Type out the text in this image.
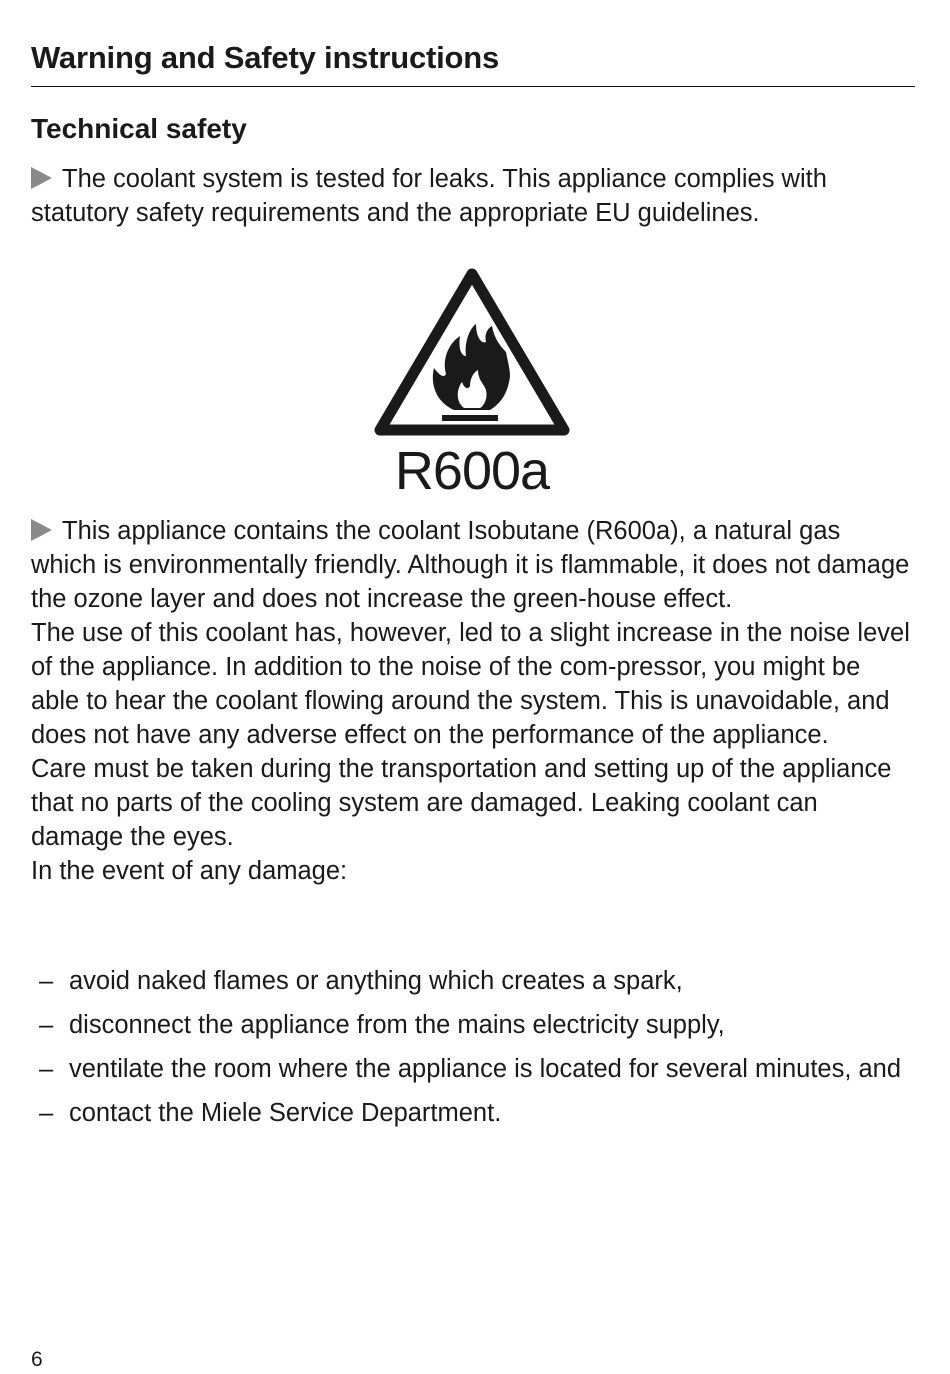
Warning and Safety instructions
Technical safety

The coolant system is tested for leaks. This appliance complies with statutory safety requirements and the appropriate EU guidelines.

R600a
This appliance contains the coolant Isobutane (R600a), a natural gas which is environmentally friendly. Although it is flammable, it does not damage the ozone layer and does not increase the green-house effect.
The use of this coolant has, however, led to a slight increase in the noise level of the appliance. In addition to the noise of the com-pressor, you might be able to hear the coolant flowing around the system. This is unavoidable, and does not have any adverse effect on the performance of the appliance.
Care must be taken during the transportation and setting up of the appliance that no parts of the cooling system are damaged. Leaking coolant can damage the eyes.
In the event of any damage:
– avoid naked flames or anything which creates a spark,
– disconnect the appliance from the mains electricity supply,
– ventilate the room where the appliance is located for several minutes, and
– contact the Miele Service Department.
6
